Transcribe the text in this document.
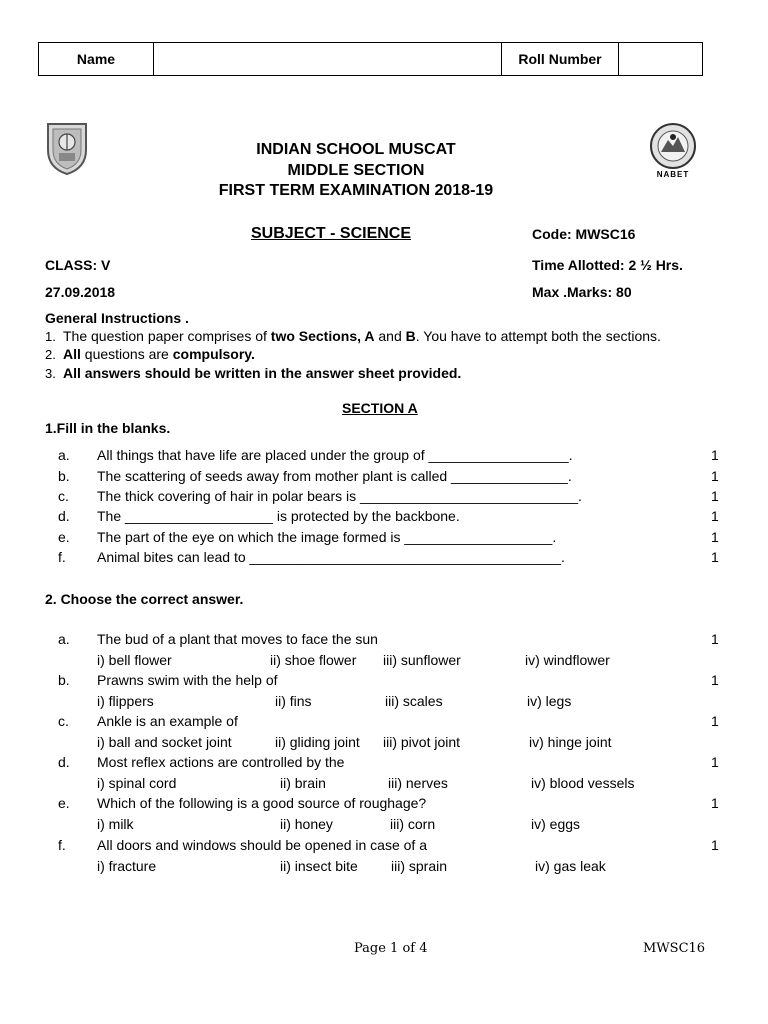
Name	Roll Number
NABET
INDIAN SCHOOL MUSCAT
MIDDLE SECTION
FIRST TERM EXAMINATION 2018-19
SUBJECT - SCIENCE	Code: MWSC16
CLASS: V	Time Allotted: 2 ½ Hrs.
27.09.2018	Max .Marks: 80
General Instructions .
1. The question paper comprises of two Sections, A and B. You have to attempt both the sections.
2. All questions are compulsory.
3. All answers should be written in the answer sheet provided.
SECTION A
1.Fill in the blanks.
a. All things that have life are placed under the group of __________________.	1
b. The scattering of seeds away from mother plant is called _______________.	1
c. The thick covering of hair in polar bears is ____________________________.	1
d. The ___________________ is protected by the backbone.	1
e. The part of the eye on which the image formed is ___________________.	1
f. Animal bites can lead to ________________________________________.	1
2. Choose the correct answer.
a. The bud of a plant that moves to face the sun	1
i) bell flower	ii) shoe flower iii) sunflower	iv) windflower
b. Prawns swim with the help of	1
i) flippers	ii) fins	iii) scales	iv) legs
c. Ankle is an example of	1
i) ball and socket joint	ii) gliding joint iii) pivot joint	iv) hinge joint
d. Most reflex actions are controlled by the	1
i) spinal cord	ii) brain	iii) nerves	iv) blood vessels
e. Which of the following is a good source of roughage?	1
i) milk	ii) honey	iii) corn	iv) eggs
f. All doors and windows should be opened in case of a	1
i) fracture	ii) insect bite iii) sprain	iv) gas leak
Page 1 of 4	MWSC16
